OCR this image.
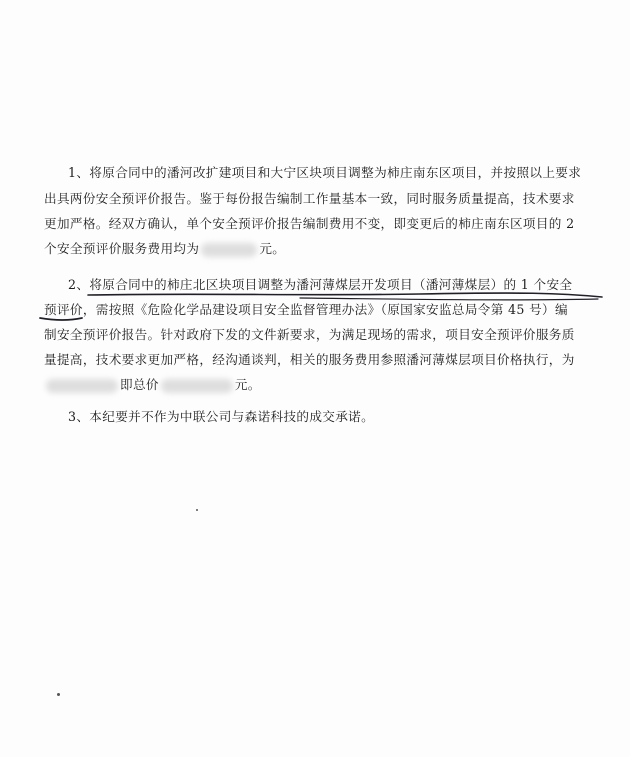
1、将原合同中的潘河改扩建项目和大宁区块项目调整为柿庄南东区项目，并按照以上要求
出具两份安全预评价报告。鉴于每份报告编制工作量基本一致，同时服务质量提高，技术要求
更加严格。经双方确认，单个安全预评价报告编制费用不变，即变更后的柿庄南东区项目的 2
个安全预评价服务费用均为	元。
2、将原合同中的柿庄北区块项目调整为潘河薄煤层开发项目（潘河薄煤层）的 1 个安全
预评价，需按照《危险化学品建设项目安全监督管理办法》（原国家安监总局令第 45 号）编
制安全预评价报告。针对政府下发的文件新要求，为满足现场的需求，项目安全预评价服务质
量提高，技术要求更加严格，经沟通谈判，相关的服务费用参照潘河薄煤层项目价格执行，为
即总价	元。
3、本纪要并不作为中联公司与森诺科技的成交承诺。
